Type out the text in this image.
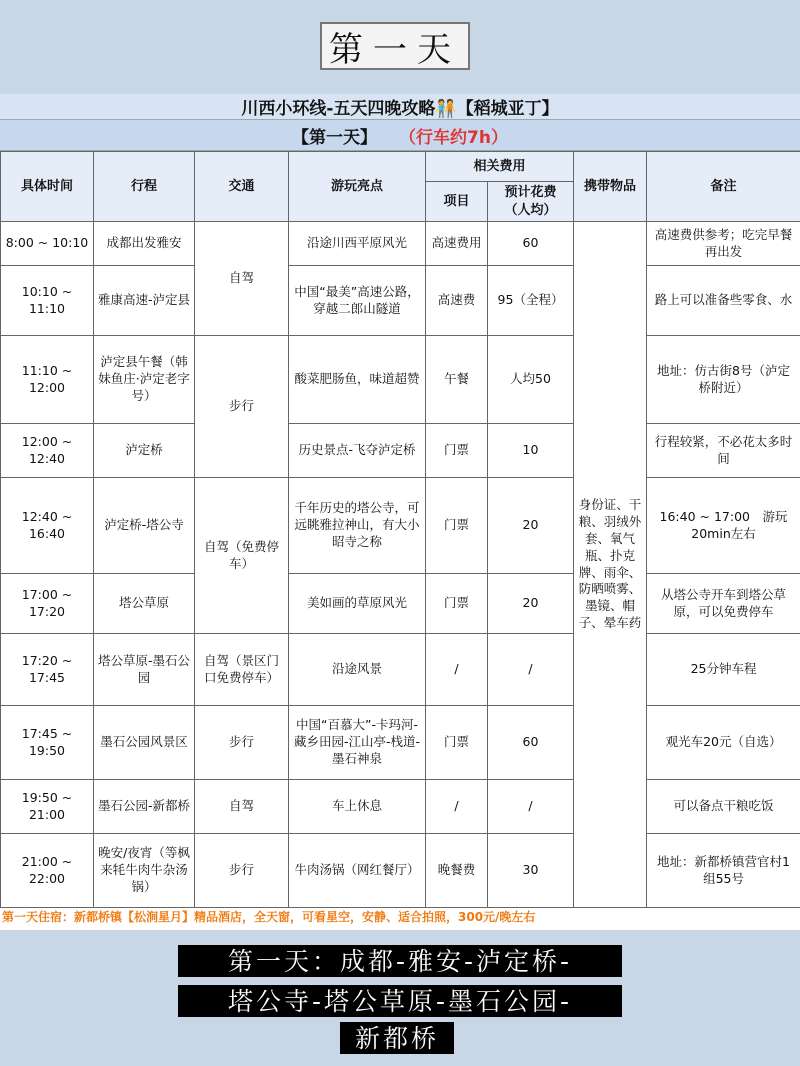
第一天
川西小环线-五天四晚攻略🧑‍🤝‍🧑【稻城亚丁】
【第一天】 （行车约7h）
具体时间	行程	交通	游玩亮点	相关费用		携带物品	备注
				项目	预计花费（人均）		
8:00 ~ 10:10	成都出发雅安	自驾	沿途川西平原风光	高速费用	60	身份证、干粮、羽绒外套、氧气瓶、扑克牌、雨伞、防晒喷雾、墨镜、帽子、晕车药	高速费供参考；吃完早餐再出发
10:10 ~ 11:10	雅康高速-泸定县		中国“最美”高速公路，穿越二郎山隧道	高速费	95（全程）		路上可以准备些零食、水
11:10 ~ 12:00	泸定县午餐（韩妹鱼庄·泸定老字号）	步行	酸菜肥肠鱼，味道超赞	午餐	人均50		地址：仿古街8号（泸定桥附近）
12:00 ~ 12:40	泸定桥		历史景点-飞夺泸定桥	门票	10		行程较紧，不必花太多时间
12:40 ~ 16:40	泸定桥-塔公寺	自驾（免费停车）	千年历史的塔公寺，可远眺雅拉神山，有大小昭寺之称	门票	20		16:40 ~ 17:00　游玩20min左右
17:00 ~ 17:20	塔公草原		美如画的草原风光	门票	20		从塔公寺开车到塔公草原，可以免费停车
17:20 ~ 17:45	塔公草原-墨石公园	自驾（景区门口免费停车）	沿途风景	/	/		25分钟车程
17:45 ~ 19:50	墨石公园风景区	步行	中国“百慕大”-卡玛河-藏乡田园-江山亭-栈道-墨石神泉	门票	60		观光车20元（自选）
19:50 ~ 21:00	墨石公园-新都桥	自驾	车上休息	/	/		可以备点干粮吃饭
21:00 ~ 22:00	晚安/夜宵（等枫来牦牛肉牛杂汤锅）	步行	牛肉汤锅（网红餐厅）	晚餐费	30		地址：新都桥镇营官村1组55号
第一天住宿：新都桥镇【松涧星月】精品酒店，全天窗，可看星空，安静、适合拍照，300元/晚左右
第一天：成都-雅安-泸定桥-
塔公寺-塔公草原-墨石公园-
新都桥
